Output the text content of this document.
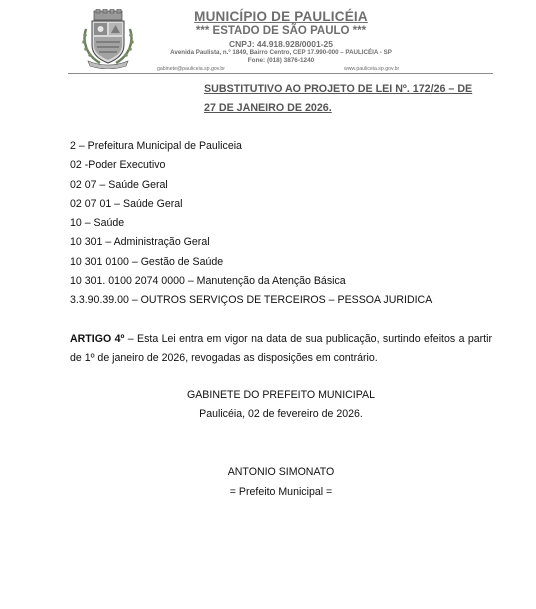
MUNICÍPIO DE PAULICÉIA
*** ESTADO DE SÃO PAULO ***
CNPJ: 44.918.928/0001-25
Avenida Paulista, n.º 1849, Bairro Centro, CEP 17.990-000 – PAULICÉIA - SP
Fone: (018) 3876-1240
gabinete@pauliceia.sp.gov.br	www.pauliceia.sp.gov.br
SUBSTITUTIVO AO PROJETO DE LEI Nº. 172/26 – DE
27 DE JANEIRO DE 2026.
2 – Prefeitura Municipal de Pauliceia
02 -Poder Executivo
02 07 – Saúde Geral
02 07 01 – Saúde Geral
10 – Saúde
10 301 – Administração Geral
10 301 0100 – Gestão de Saúde
10 301. 0100 2074 0000 – Manutenção da Atenção Básica
3.3.90.39.00 – OUTROS SERVIÇOS DE TERCEIROS – PESSOA JURIDICA

ARTIGO 4º – Esta Lei entra em vigor na data de sua publicação, surtindo efeitos a partir de 1º de janeiro de 2026, revogadas as disposições em contrário.

GABINETE DO PREFEITO MUNICIPAL
Paulicéia, 02 de fevereiro de 2026.
ANTONIO SIMONATO
= Prefeito Municipal =
